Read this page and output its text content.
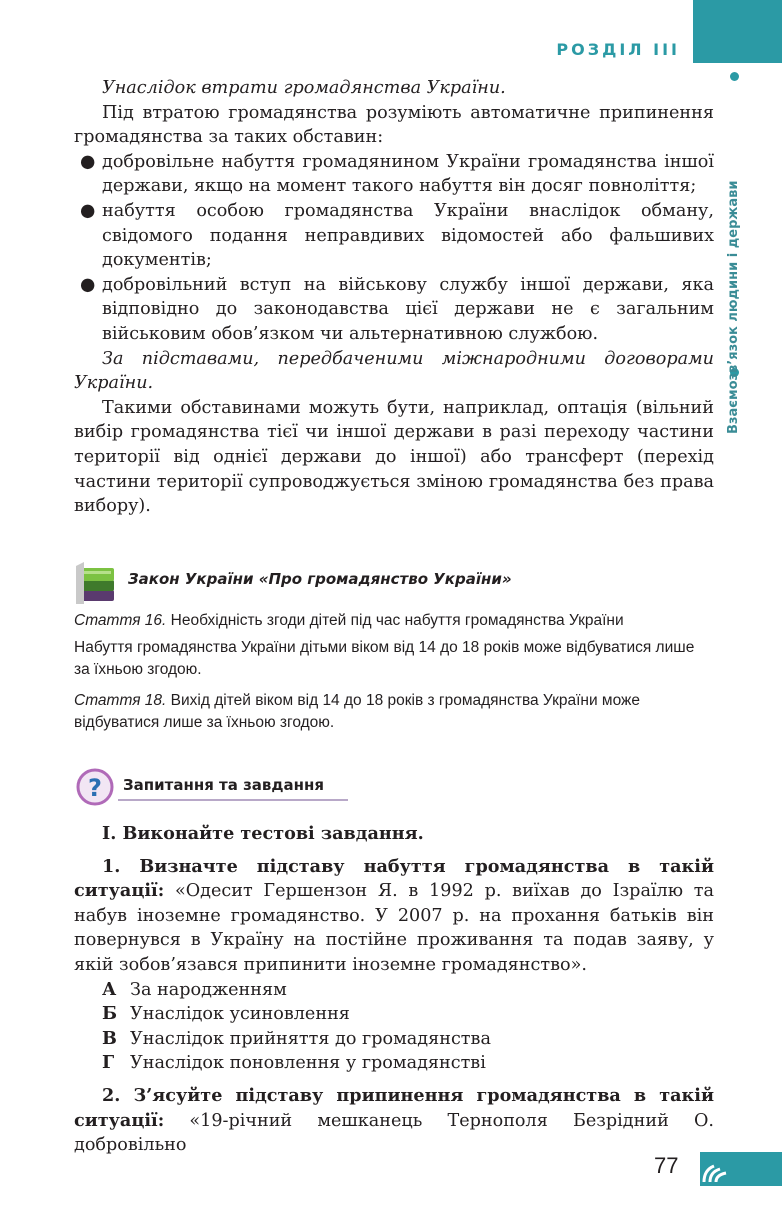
РОЗДІЛ ІІІ
Взаємозв’язок людини і держави

Унаслідок втрати громадянства України.

Під втратою громадянства розуміють автоматичне припинення громадянства за таких обставин:

● добровільне набуття громадянином України громадянства іншої держави, якщо на момент такого набуття він досяг повноліття;

● набуття особою громадянства України внаслідок обману, свідомого подання неправдивих відомостей або фальшивих документів;

● добровільний вступ на військову службу іншої держави, яка відповідно до законодавства цієї держави не є загальним військовим обов’язком чи альтернативною службою.

За підставами, передбаченими міжнародними договорами України.

Такими обставинами можуть бути, наприклад, оптація (вільний вибір громадянства тієї чи іншої держави в разі переходу частини території від однієї держави до іншої) або трансферт (перехід частини території супроводжується зміною громадянства без права вибору).

Закон України «Про громадянство України»

Стаття 16. Необхідність згоди дітей під час набуття громадянства України

Набуття громадянства України дітьми віком від 14 до 18 років може відбуватися лише за їхньою згодою.

Стаття 18. Вихід дітей віком від 14 до 18 років з громадянства України може відбуватися лише за їхньою згодою.

? Запитання та завдання

І. Виконайте тестові завдання.

1. Визначте підставу набуття громадянства в такій ситуації: «Одесит Гершензон Я. в 1992 р. виїхав до Ізраїлю та набув іноземне громадянство. У 2007 р. на прохання батьків він повернувся в Україну на постійне проживання та подав заяву, у якій зобов’язався припинити іноземне громадянство».

А За народженням

Б Унаслідок усиновлення

В Унаслідок прийняття до громадянства

Г Унаслідок поновлення у громадянстві

2. З’ясуйте підставу припинення громадянства в такій ситуації: «19-річний мешканець Тернополя Безрідний О. добровільно

77
